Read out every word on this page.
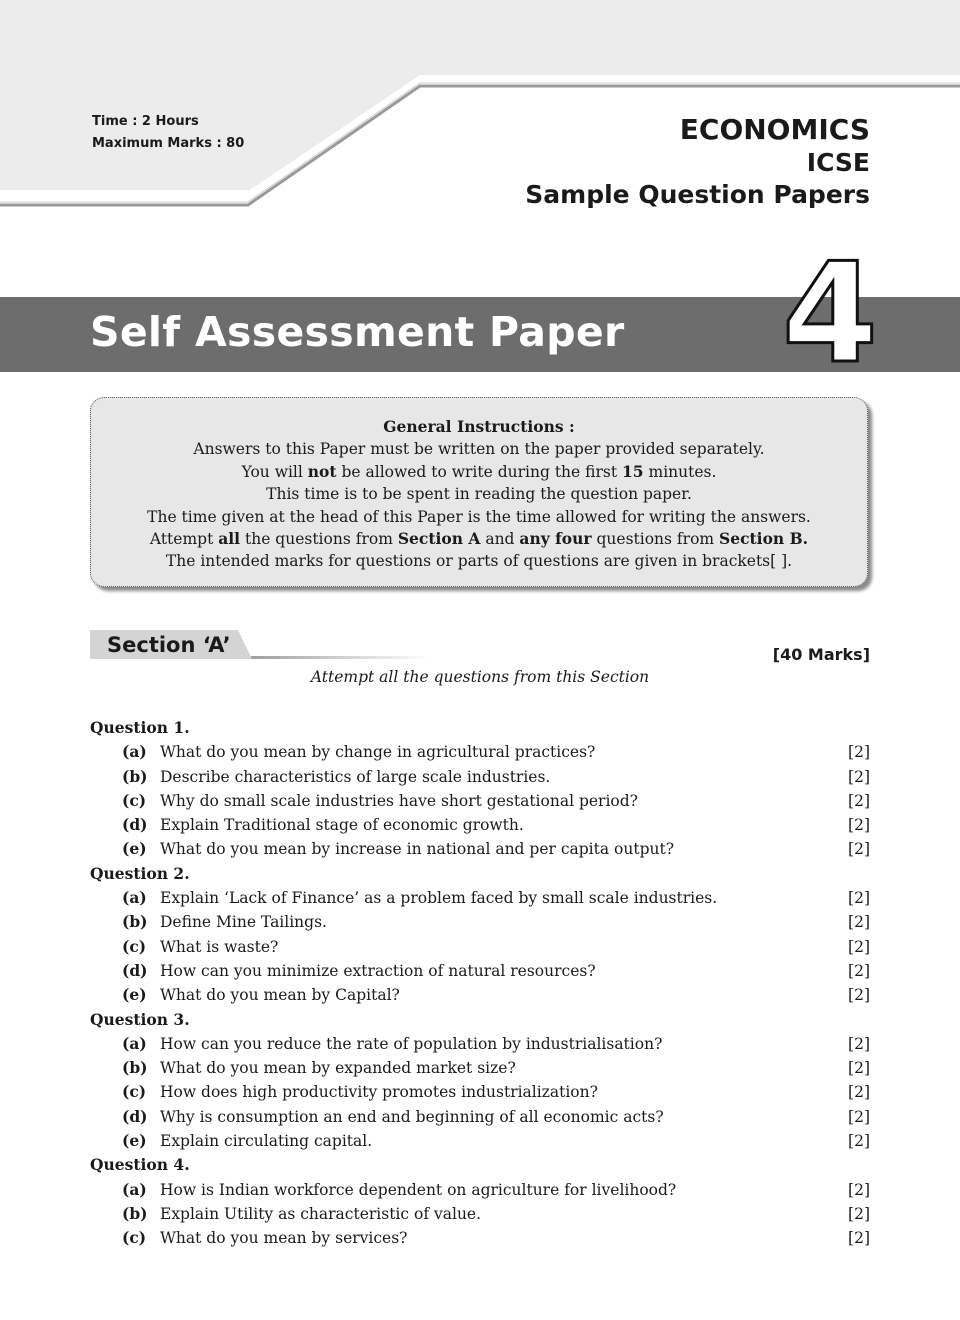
Time : 2 Hours
Maximum Marks : 80	ECONOMICS
ICSE
Sample Question Papers
Self Assessment Paper 4
General Instructions :
Answers to this Paper must be written on the paper provided separately.
You will not be allowed to write during the first 15 minutes.
This time is to be spent in reading the question paper.
The time given at the head of this Paper is the time allowed for writing the answers.
Attempt all the questions from Section A and any four questions from Section B.
The intended marks for questions or parts of questions are given in brackets[ ].
Section ‘A’	[40 Marks]
Attempt all the questions from this Section
Question 1.
(a) What do you mean by change in agricultural practices?	[2]
(b) Describe characteristics of large scale industries.	[2]
(c) Why do small scale industries have short gestational period?	[2]
(d) Explain Traditional stage of economic growth.	[2]
(e) What do you mean by increase in national and per capita output?	[2]
Question 2.
(a) Explain ‘Lack of Finance’ as a problem faced by small scale industries.	[2]
(b) Define Mine Tailings.	[2]
(c) What is waste?	[2]
(d) How can you minimize extraction of natural resources?	[2]
(e) What do you mean by Capital?	[2]
Question 3.
(a) How can you reduce the rate of population by industrialisation?	[2]
(b) What do you mean by expanded market size?	[2]
(c) How does high productivity promotes industrialization?	[2]
(d) Why is consumption an end and beginning of all economic acts?	[2]
(e) Explain circulating capital.	[2]
Question 4.
(a) How is Indian workforce dependent on agriculture for livelihood?	[2]
(b) Explain Utility as characteristic of value.	[2]
(c) What do you mean by services?	[2]
